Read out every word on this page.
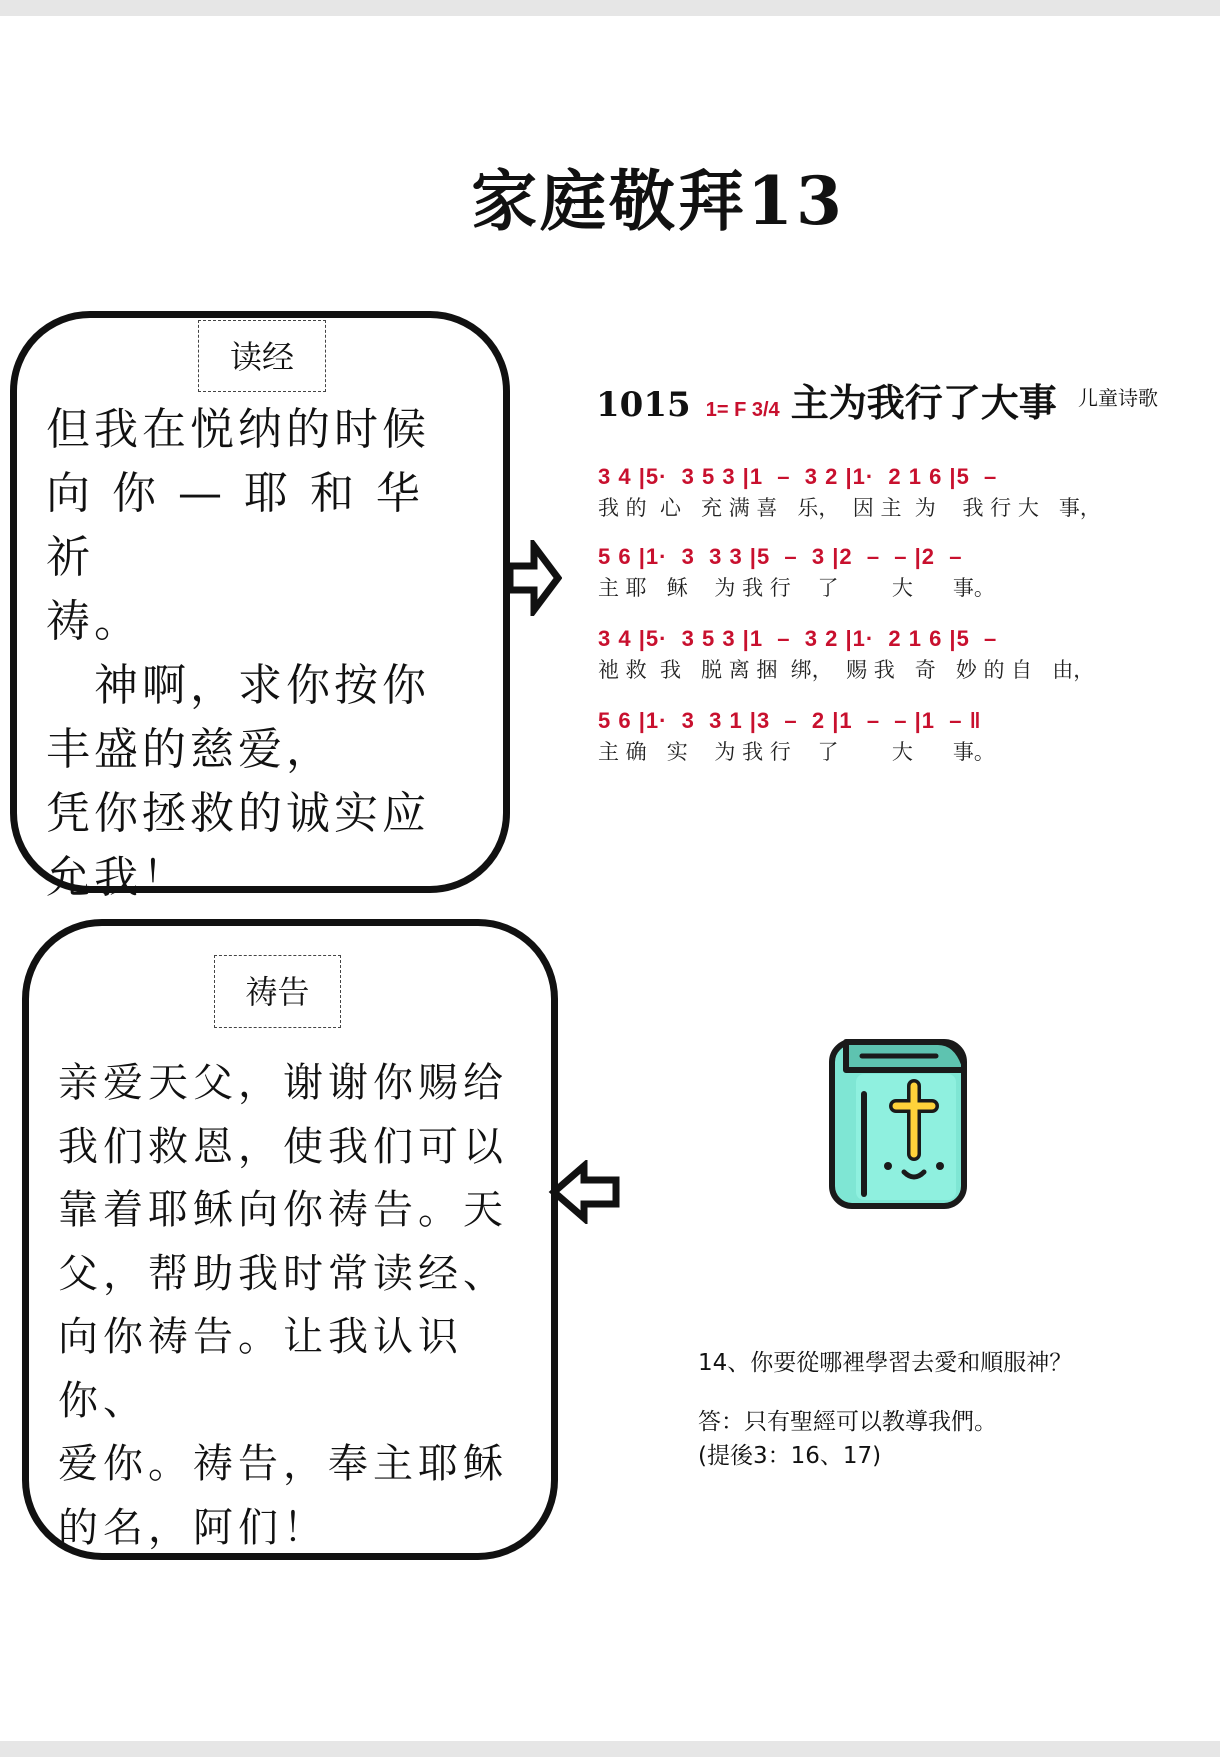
家庭敬拜13
读经
但我在悦纳的时候
向 你 — 耶 和 华 祈
祷。
　神啊，求你按你
丰盛的慈爱，
凭你拯救的诚实应
允我！
1015 1= F 3/4 主为我行了大事 儿童诗歌
3 4 |5·  3 5 3 |1  –  3 2 |1·  2 1 6 |5  –
我 的  心   充 满 喜   乐，  因 主  为    我 行 大   事，
5 6 |1·  3  3 3 |5  –  3 |2  –  – |2  –
主 耶   稣    为 我 行    了        大      事。
3 4 |5·  3 5 3 |1  –  3 2 |1·  2 1 6 |5  –
祂 救  我   脱 离 捆  绑，  赐 我   奇   妙 的 自   由，
5 6 |1·  3  3 1 |3  –  2 |1  –  – |1  – ‖
主 确   实    为 我 行    了        大      事。
祷告
亲爱天父，谢谢你赐给
我们救恩，使我们可以
靠着耶稣向你祷告。天
父，帮助我时常读经、
向你祷告。让我认识你、
爱你。祷告，奉主耶稣
的名，阿们！
14、你要從哪裡學習去愛和順服神？
答：只有聖經可以教導我們。
(提後3：16、17)
